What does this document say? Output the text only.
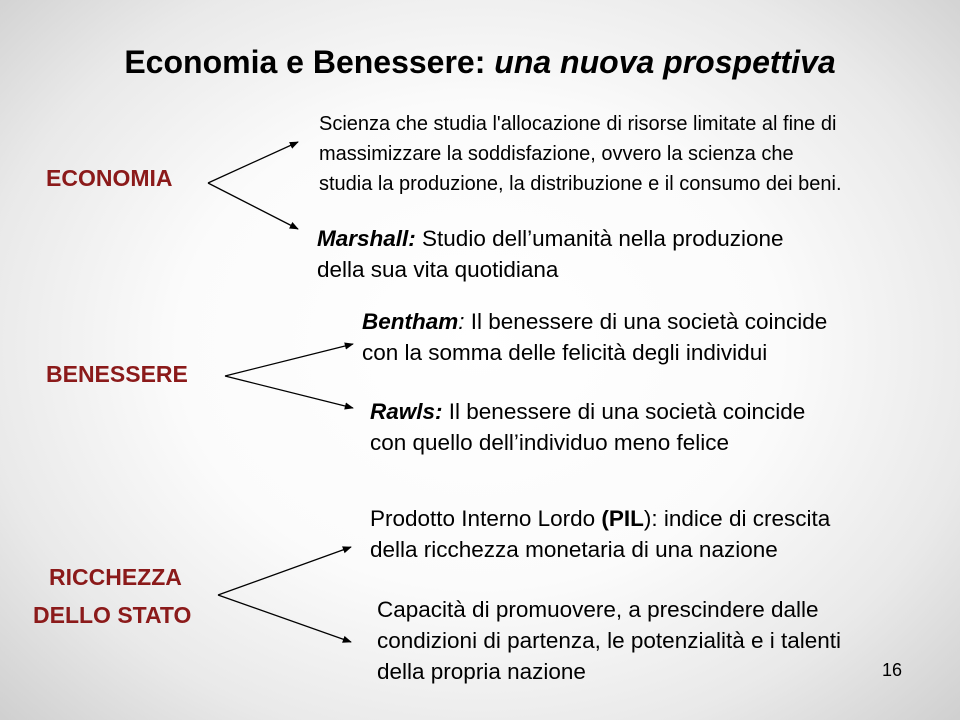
Economia e Benessere: una nuova prospettiva
ECONOMIA
Scienza che studia l'allocazione di risorse limitate al fine di
massimizzare la soddisfazione, ovvero la scienza che
studia la produzione, la distribuzione e il consumo dei beni.
Marshall: Studio dell’umanità nella produzione
della sua vita quotidiana
BENESSERE
Bentham: Il benessere di una società coincide
con la somma delle felicità degli individui
Rawls: Il benessere di una società coincide
con quello dell’individuo meno felice
RICCHEZZA
DELLO STATO
Prodotto Interno Lordo (PIL): indice di crescita
della ricchezza monetaria di una nazione
Capacità di promuovere, a prescindere dalle
condizioni di partenza, le potenzialità e i talenti
della propria nazione	16
